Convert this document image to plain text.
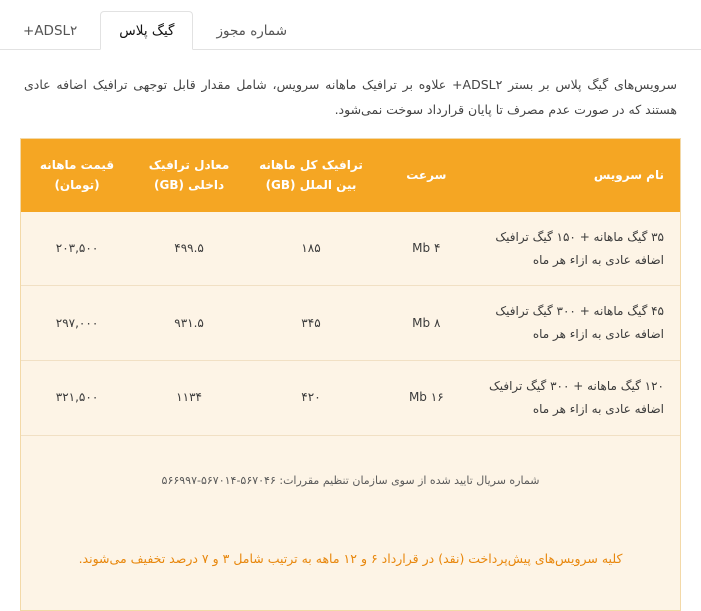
ADSL۲+	گیگ پلاس	شماره مجوز

سرویس‌های گیگ پلاس بر بستر ADSL۲+ علاوه بر ترافیک ماهانه سرویس، شامل مقدار قابل توجهی ترافیک اضافه عادی هستند که در صورت عدم مصرف تا پایان قرارداد سوخت نمی‌شود.

نام سرویس	سرعت	ترافیک کل ماهانه بین الملل (GB)	معادل ترافیک داخلی (GB)	قیمت ماهانه (تومان)
۳۵ گیگ ماهانه + ۱۵۰ گیگ ترافیک اضافه عادی به ازاء هر ماه	۴ Mb	۱۸۵	۴۹۹.۵	۲۰۳,۵۰۰
۴۵ گیگ ماهانه + ۳۰۰ گیگ ترافیک اضافه عادی به ازاء هر ماه	۸ Mb	۳۴۵	۹۳۱.۵	۲۹۷,۰۰۰
۱۲۰ گیگ ماهانه + ۳۰۰ گیگ ترافیک اضافه عادی به ازاء هر ماه	۱۶ Mb	۴۲۰	۱۱۳۴	۳۲۱,۵۰۰

شماره سریال تایید شده از سوی سازمان تنظیم مقررات: ۵۶۷۰۴۶-۵۶۷۰۱۴-۵۶۶۹۹۷				
کلیه سرویس‌های پیش‌پرداخت (نقد) در قرارداد ۶ و ۱۲ ماهه به ترتیب شامل ۳ و ۷ درصد تخفیف می‌شوند.
